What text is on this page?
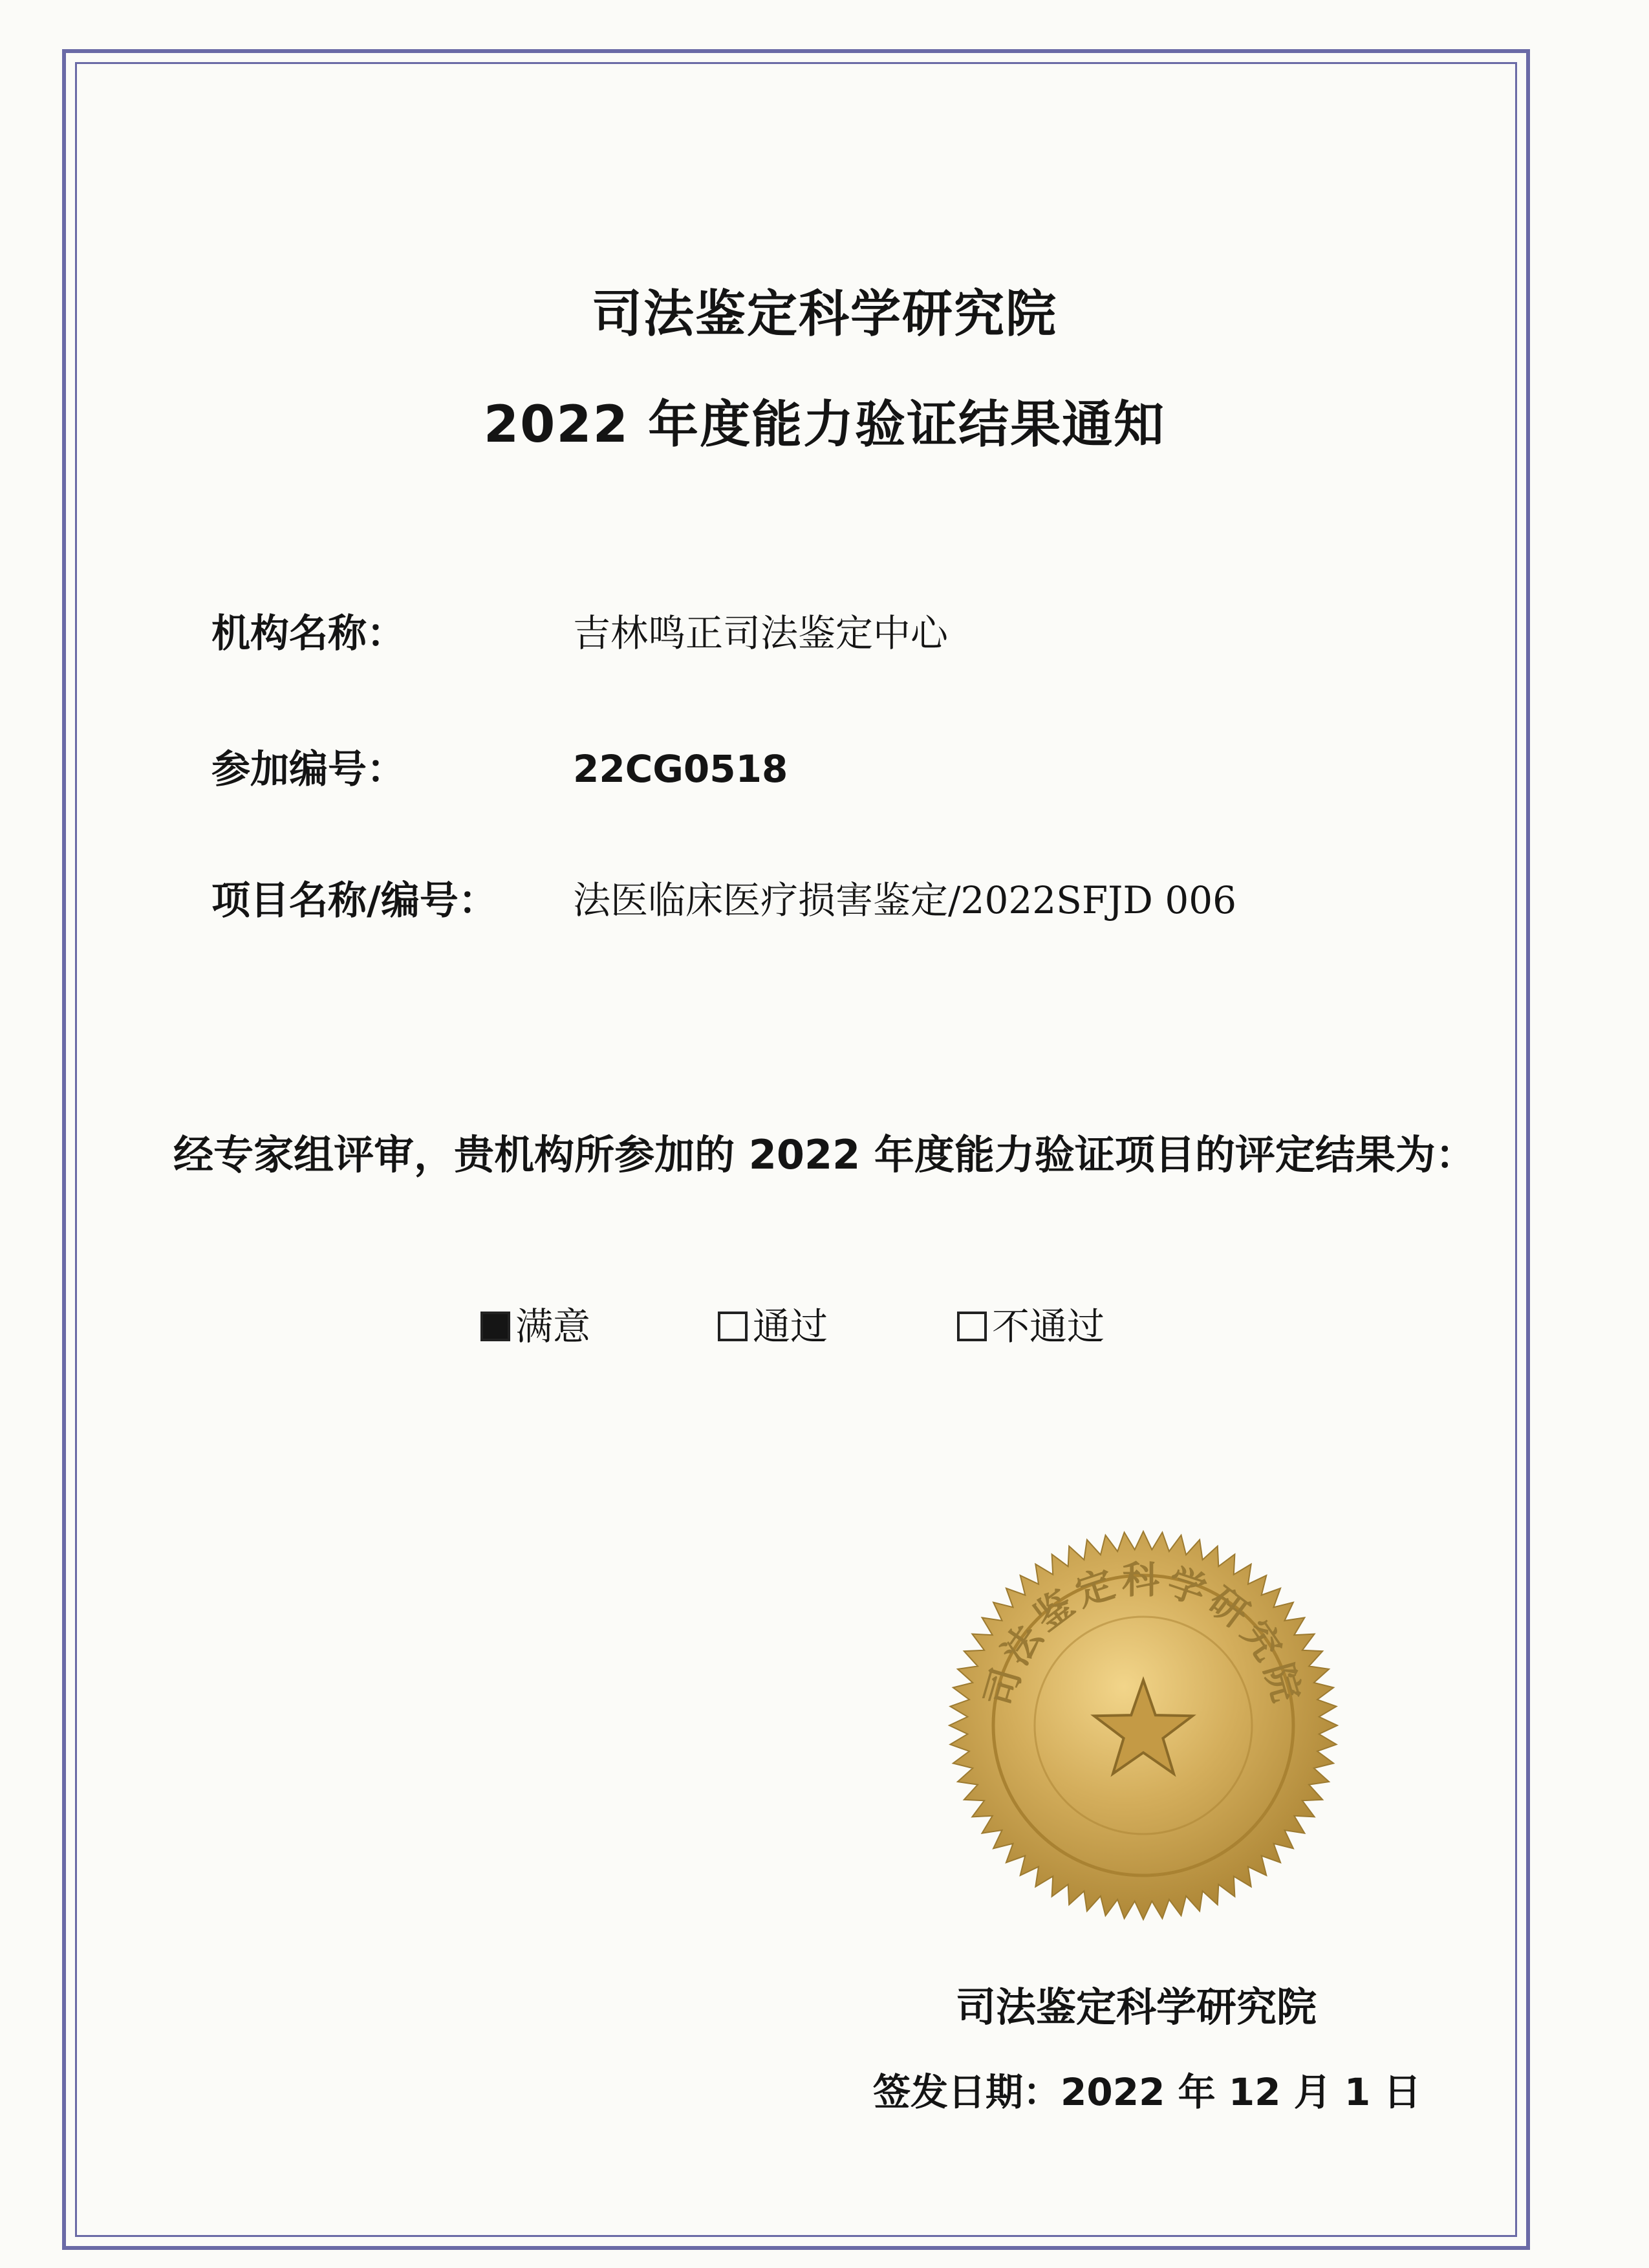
司法鉴定科学研究院
2022 年度能力验证结果通知
机构名称：	吉林鸣正司法鉴定中心
参加编号：	22CG0518
项目名称/编号： 法医临床医疗损害鉴定/2022SFJD 006
经专家组评审，贵机构所参加的 2022 年度能力验证项目的评定结果为：
满意	通过	不通过
司法鉴定科学研究院
司法鉴定科学研究院
签发日期： 2022 年 12 月 1 日
